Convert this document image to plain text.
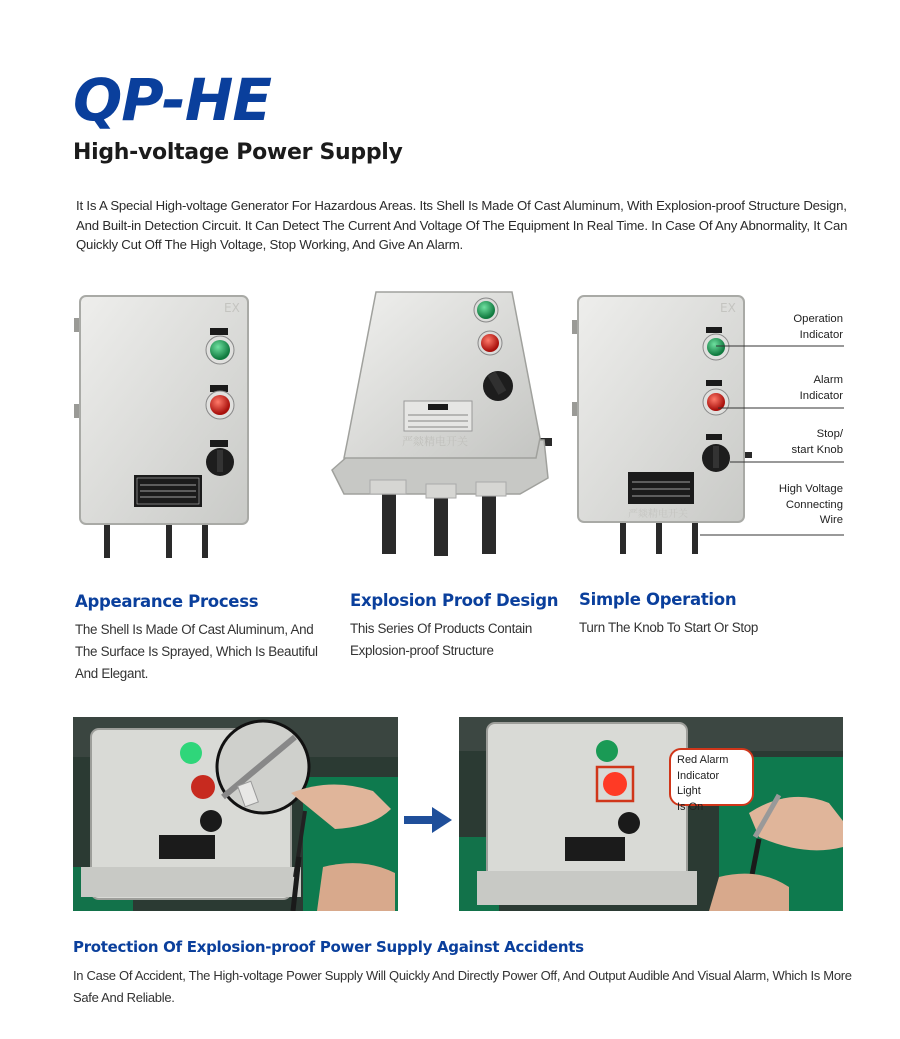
QP-HE
High-voltage Power Supply

It Is A Special High-voltage Generator For Hazardous Areas. Its Shell Is Made Of Cast Aluminum, With Explosion-proof Structure Design, And Built-in Detection Circuit. It Can Detect The Current And Voltage Of The Equipment In Real Time. In Case Of Any Abnormality, It Can Quickly Cut Off The High Voltage, Stop Working, And Give An Alarm.

EX
严燚精电开关
EX
严燚精电开关
Operation
Indicator
Alarm
Indicator
Stop/
start Knob
High Voltage
Connecting
Wire
Appearance Process
The Shell Is Made Of Cast Aluminum, And The Surface Is Sprayed, Which Is Beautiful And Elegant.
Explosion Proof Design
This Series Of Products Contain Explosion-proof Structure
Simple Operation
Turn The Knob To Start Or Stop
Red Alarm
Indicator Light
Is On
Protection Of Explosion-proof Power Supply Against Accidents

In Case Of Accident, The High-voltage Power Supply Will Quickly And Directly Power Off, And Output Audible And Visual Alarm, Which Is More Safe And Reliable.
